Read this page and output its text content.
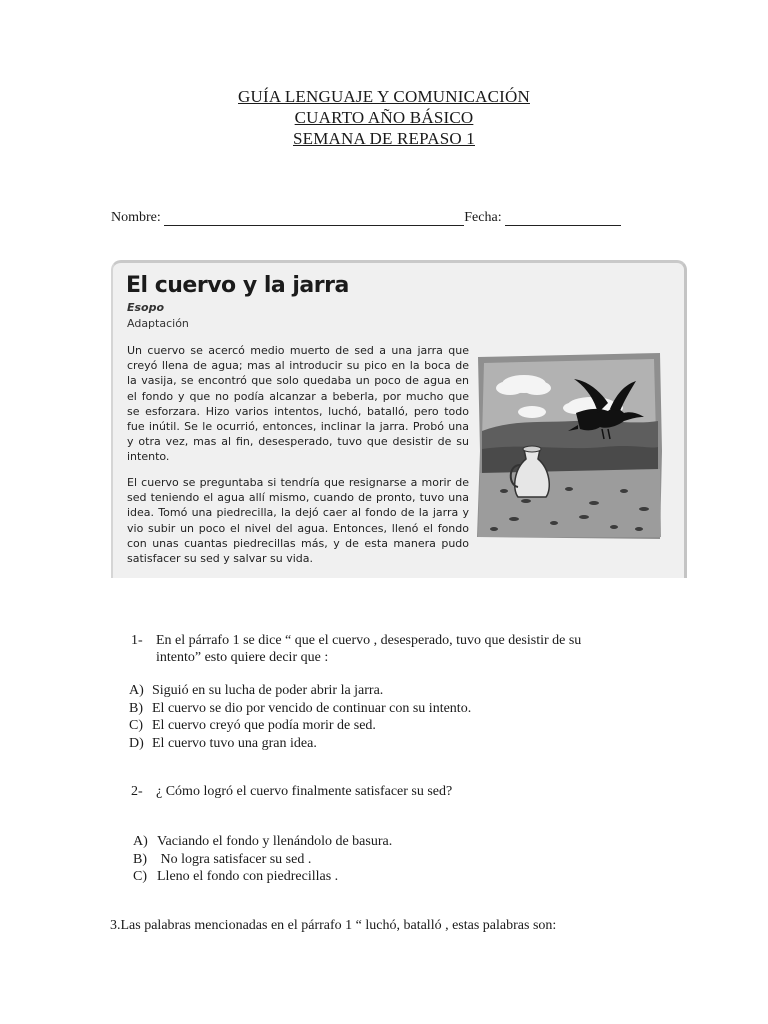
GUÍA LENGUAJE Y COMUNICACIÓN
CUARTO AÑO BÁSICO
SEMANA DE REPASO 1
Nombre:	Fecha:
El cuervo y la jarra
Esopo
Adaptación
Un cuervo se acercó medio muerto de sed a una jarra que creyó llena de agua; mas al introducir su pico en la boca de la vasija, se encontró que solo quedaba un poco de agua en el fondo y que no podía alcanzar a beberla, por mucho que se esforzara. Hizo varios intentos, luchó, batalló, pero todo fue inútil. Se le ocurrió, entonces, inclinar la jarra. Probó una y otra vez, mas al fin, desesperado, tuvo que desistir de su intento.
El cuervo se preguntaba si tendría que resignarse a morir de sed teniendo el agua allí mismo, cuando de pronto, tuvo una idea. Tomó una piedrecilla, la dejó caer al fondo de la jarra y vio subir un poco el nivel del agua. Entonces, llenó el fondo con unas cuantas piedrecillas más, y de esta manera pudo satisfacer su sed y salvar su vida.
1- En el párrafo 1 se dice “ que el cuervo , desesperado, tuvo que desistir de su
intento” esto quiere decir que :
A) Siguió en su lucha de poder abrir la jarra.
B) El cuervo se dio por vencido de continuar con su intento.
C) El cuervo creyó que podía morir de sed.
D) El cuervo tuvo una gran idea.
2- ¿ Cómo logró el cuervo finalmente satisfacer su sed?
A) Vaciando el fondo y llenándolo de basura.
B) No logra satisfacer su sed .
C) Lleno el fondo con piedrecillas .
3.Las palabras mencionadas en el párrafo 1 “ luchó, batalló , estas palabras son:
